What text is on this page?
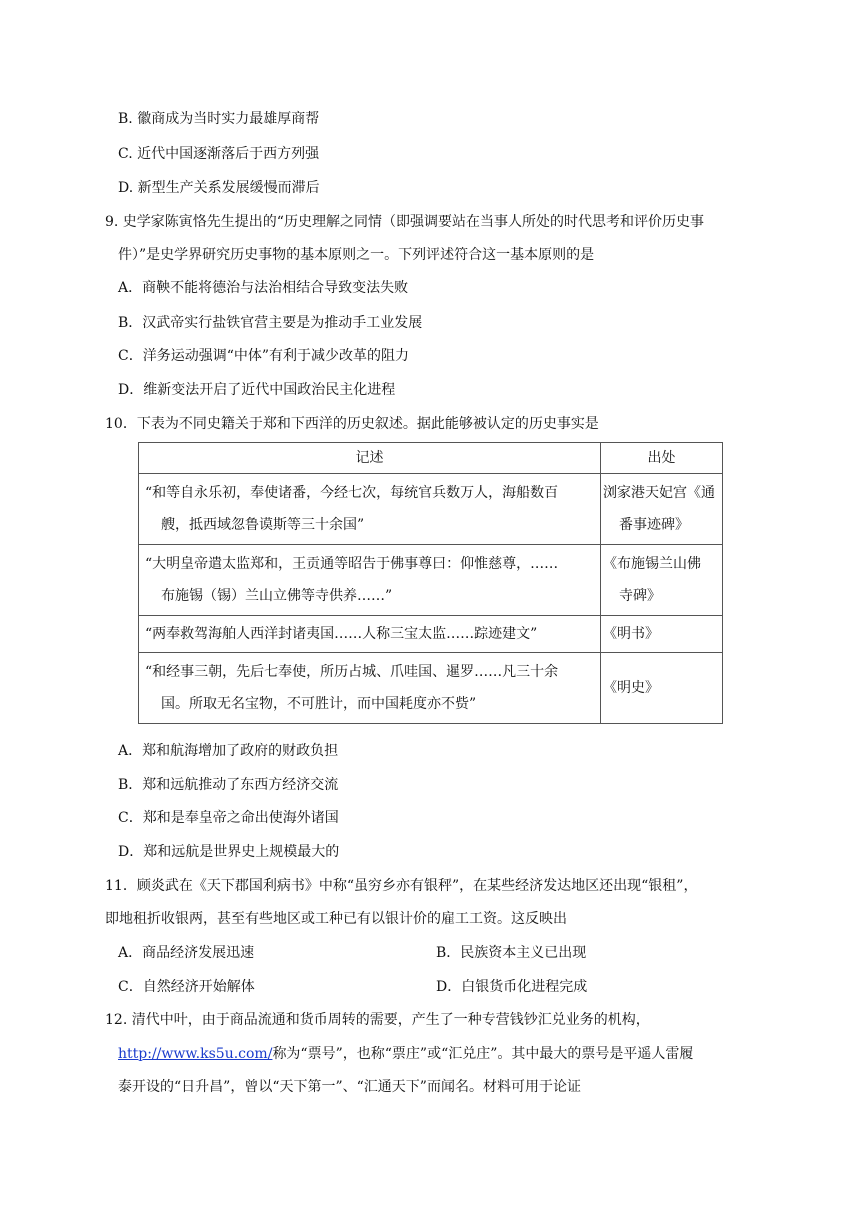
B. 徽商成为当时实力最雄厚商帮
C. 近代中国逐渐落后于西方列强
D. 新型生产关系发展缓慢而滞后
9. 史学家陈寅恪先生提出的“历史理解之同情（即强调要站在当事人所处的时代思考和评价历史事
件）”是史学界研究历史事物的基本原则之一。下列评述符合这一基本原则的是
A．商鞅不能将德治与法治相结合导致变法失败
B．汉武帝实行盐铁官营主要是为推动手工业发展
C．洋务运动强调“中体”有利于减少改革的阻力
D．维新变法开启了近代中国政治民主化进程
10．下表为不同史籍关于郑和下西洋的历史叙述。据此能够被认定的历史事实是
记述	出处
“和等自永乐初，奉使诸番，今经七次，每统官兵数万人，海船数百
艘，抵西域忽鲁谟斯等三十余国”	浏家港天妃宫《通
番事迹碑》

“大明皇帝遣太监郑和，王贡通等昭告于佛事尊曰：仰惟慈尊，……
布施锡（锡）兰山立佛等寺供养……”	《布施锡兰山佛
寺碑》

“两奉救驾海舶人西洋封诸夷国……人称三宝太监……踪迹建文”	《明书》
“和经事三朝，先后七奉使，所历占城、爪哇国、暹罗……凡三十余
国。所取无名宝物，不可胜计，而中国耗度亦不赀”	《明史》
A．郑和航海增加了政府的财政负担
B．郑和远航推动了东西方经济交流
C．郑和是奉皇帝之命出使海外诸国
D．郑和远航是世界史上规模最大的
11．顾炎武在《天下郡国利病书》中称“虽穷乡亦有银秤”，在某些经济发达地区还出现“银租”，
即地租折收银两，甚至有些地区或工种已有以银计价的雇工工资。这反映出
A．商品经济发展迅速	B．民族资本主义已出现
C．自然经济开始解体	D．白银货币化进程完成
12. 清代中叶，由于商品流通和货币周转的需要，产生了一种专营钱钞汇兑业务的机构，
http://www.ks5u.com/称为“票号”，也称“票庄”或“汇兑庄”。其中最大的票号是平遥人雷履
泰开设的“日升昌”，曾以“天下第一”、“汇通天下”而闻名。材料可用于论证
